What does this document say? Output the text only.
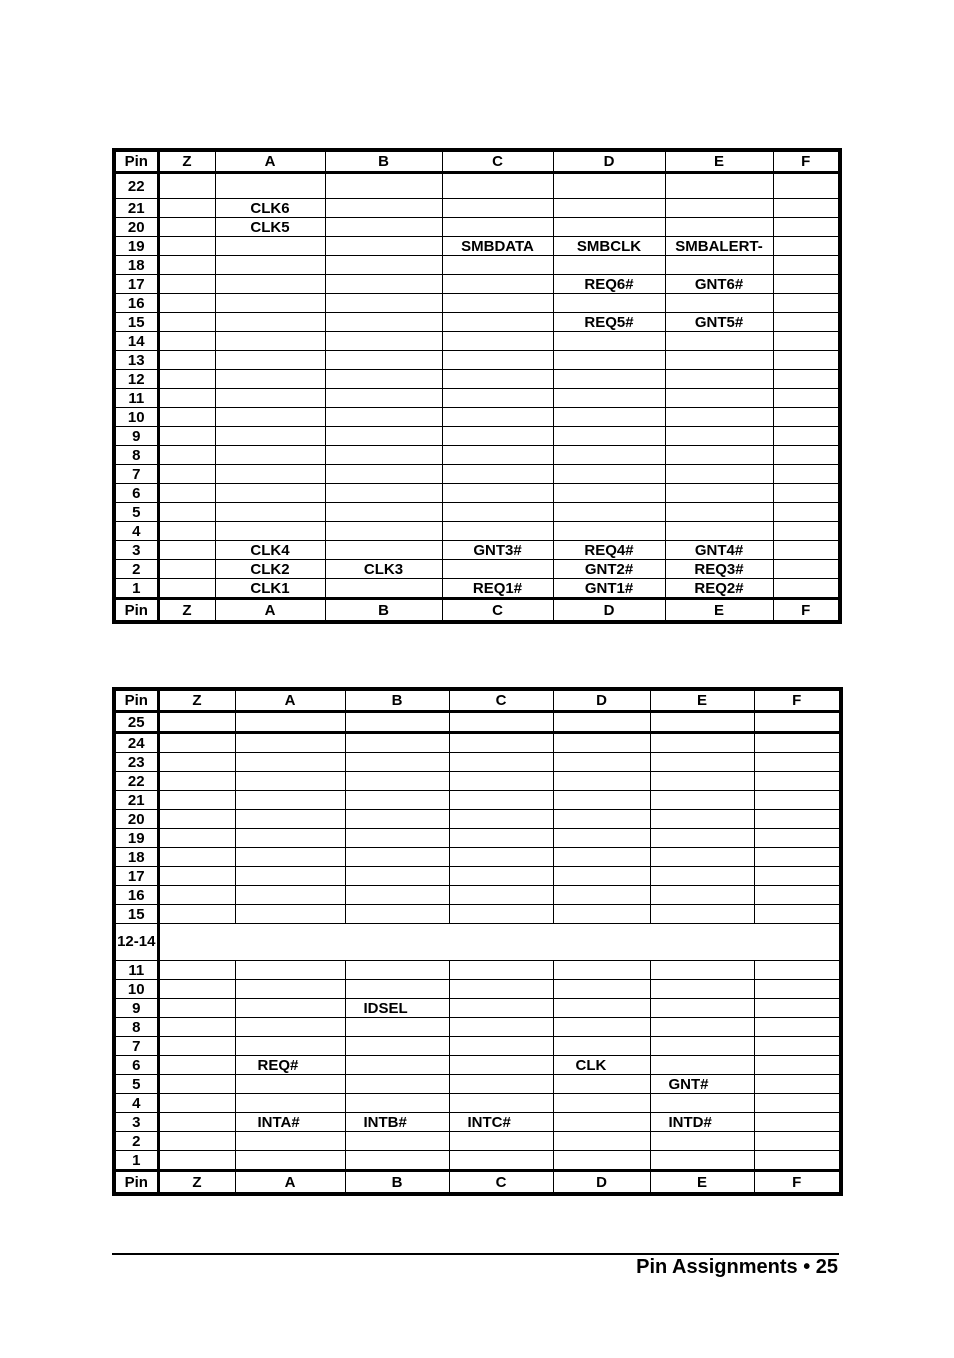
Pin	Z	A	B	C	D	E	F
22							
21		CLK6					
20		CLK5					
19				SMBDATA	SMBCLK	SMBALERT-	
18							
17					REQ6#	GNT6#	
16							
15					REQ5#	GNT5#	
14							
13							
12							
11							
10							
9							
8							
7							
6							
5							
4							
3		CLK4		GNT3#	REQ4#	GNT4#	
2		CLK2	CLK3		GNT2#	REQ3#	
1		CLK1		REQ1#	GNT1#	REQ2#	
Pin	Z	A	B	C	D	E	F
Pin	Z	A	B	C	D	E	F
25							
24							
23							
22							
21							
20							
19							
18							
17							
16							
15							
12-14							
11							
10							
9			IDSEL				
8							
7							
6		REQ#			CLK		
5						GNT#	
4							
3		INTA#	INTB#	INTC#		INTD#	
2							
1							
Pin	Z	A	B	C	D	E	F
Pin Assignments • 25
